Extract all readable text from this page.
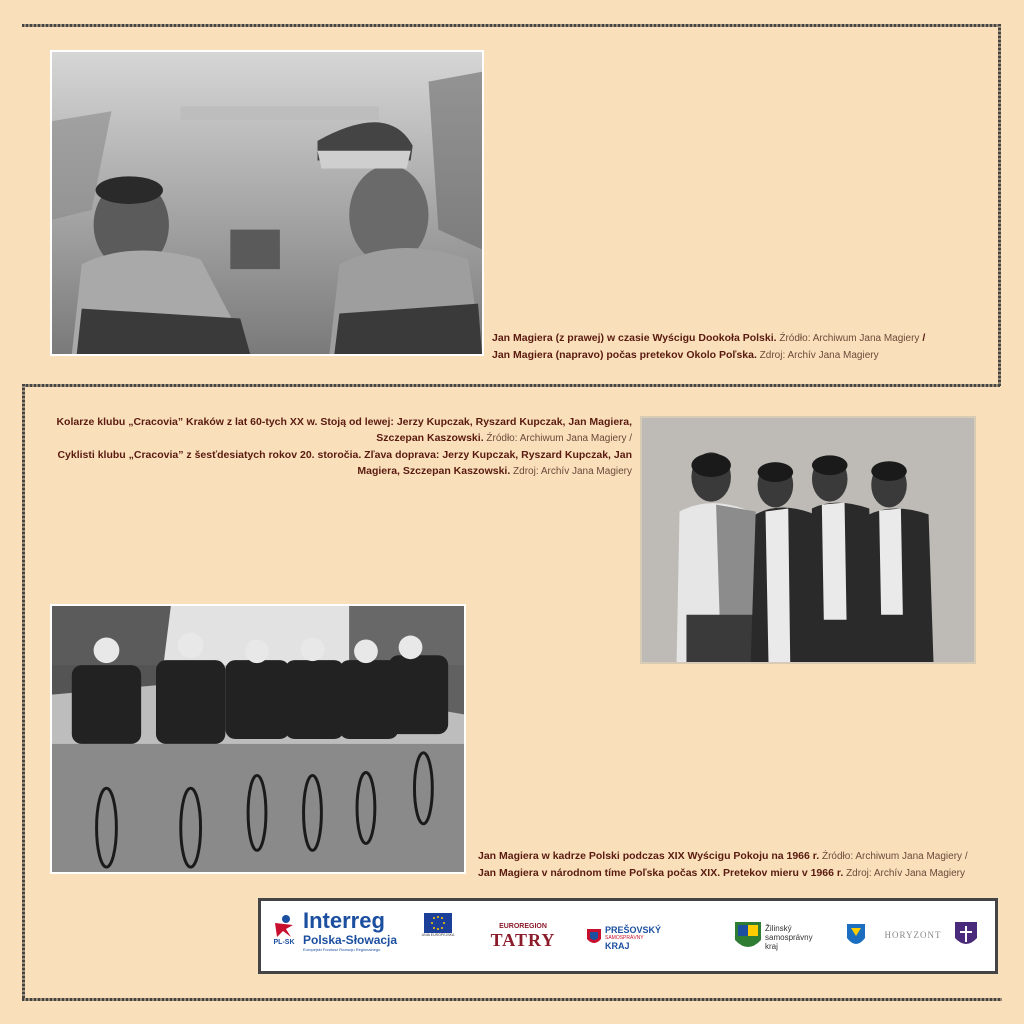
Jan Magiera (z prawej) w czasie Wyścigu Dookoła Polski. Źródło: Archiwum Jana Magiery /
Jan Magiera (napravo) počas pretekov Okolo Poľska. Zdroj: Archív Jana Magiery
Kolarze klubu „Cracovia” Kraków z lat 60-tych XX w. Stoją od lewej: Jerzy Kupczak, Ryszard Kupczak, Jan Magiera, Szczepan Kaszowski. Źródło: Archiwum Jana Magiery /
Cyklisti klubu „Cracovia” z šesťdesiatych rokov 20. storočia. Zľava doprava: Jerzy Kupczak, Ryszard Kupczak, Jan Magiera, Szczepan Kaszowski. Zdroj: Archív Jana Magiery
Jan Magiera w kadrze Polski podczas XIX Wyścigu Pokoju na 1966 r. Źródło: Archiwum Jana Magiery /
Jan Magiera v národnom tíme Poľska počas XIX. Pretekov mieru v 1966 r. Zdroj: Archív Jana Magiery
PL-SK
Interreg
Polska-Słowacja
Europejski Fundusz Rozwoju Regionalnego
UNIA EUROPEJSKA
EUROREGION
TATRY	PREŠOVSKÝ
SAMOSPRÁVNY
KRAJ
Žilinský
samosprávny
kraj
HORYZONT
